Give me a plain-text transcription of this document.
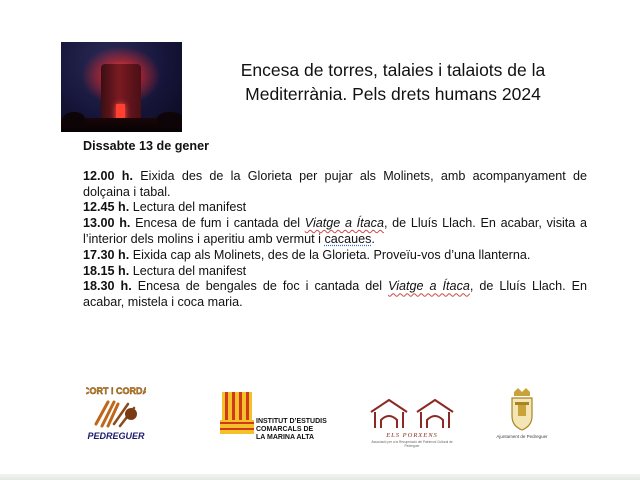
Encesa de torres, talaies i talaiots de la
Mediterrània. Pels drets humans 2024
Dissabte 13 de gener
12.00 h. Eixida des de la Glorieta per pujar als Molinets, amb acompanyament de dolçaina i tabal.
12.45 h. Lectura del manifest
13.00 h. Encesa de fum i cantada del Viatge a Ítaca, de Lluís Llach. En acabar, visita a l’interior dels molins i aperitiu amb vermut i cacaues.
17.30 h. Eixida cap als Molinets, des de la Glorieta. Proveïu-vos d’una llanterna.
18.15 h. Lectura del manifest
18.30 h. Encesa de bengales de foc i cantada del Viatge a Ítaca, de Lluís Llach. En acabar, mistela i coca maria.
CORT i CORDA
PEDREGUER
INSTITUT D’ESTUDIS
COMARCALS DE
LA MARINA ALTA	ELS PORXENS
Associació per a la Recuperació del Patrimoni Cultural de Pedreguer
Ajuntament de Pedreguer
